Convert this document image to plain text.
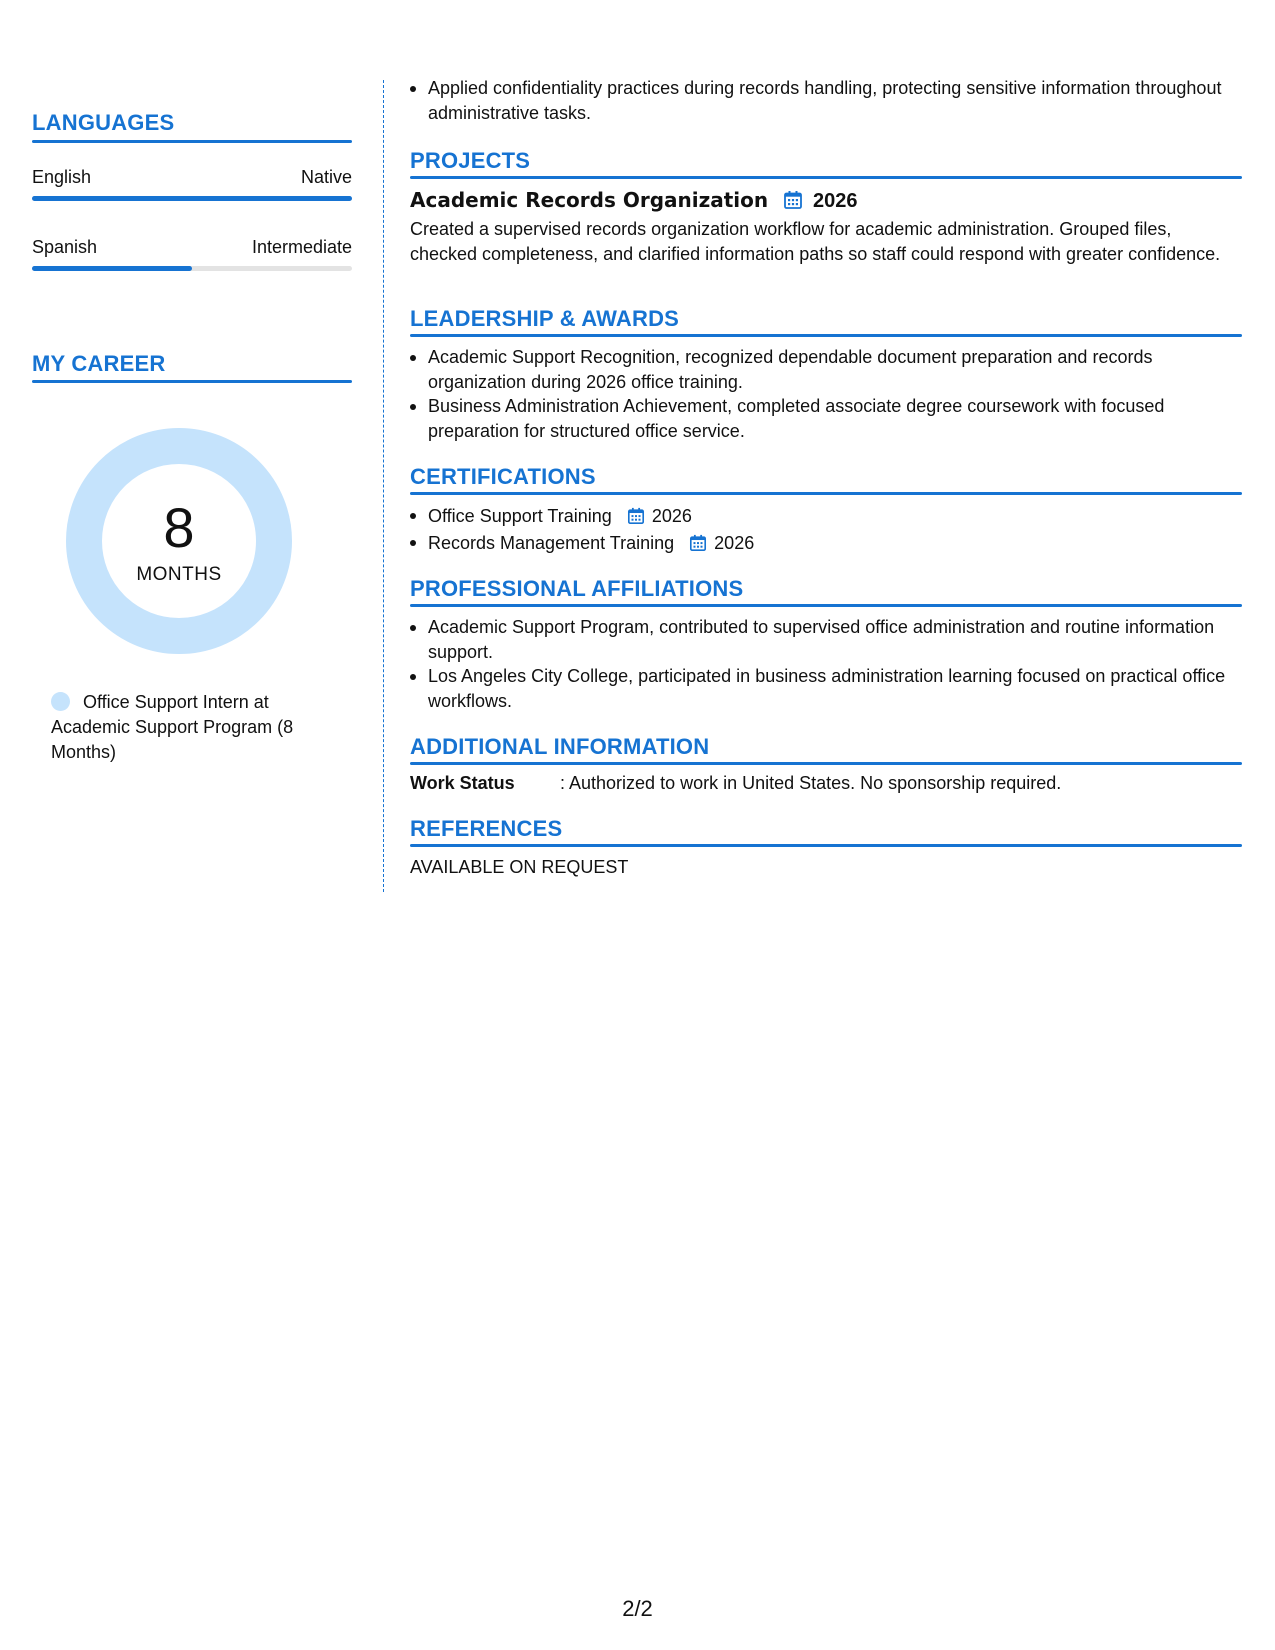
LANGUAGES
English	Native
Spanish	Intermediate
MY CAREER
8
MONTHS
Office Support Intern at Academic Support Program (8 Months)
Applied confidentiality practices during records handling, protecting sensitive information throughout administrative tasks.
PROJECTS
Academic Records Organization 2026
Created a supervised records organization workflow for academic administration. Grouped files, checked completeness, and clarified information paths so staff could respond with greater confidence.
LEADERSHIP & AWARDS
Academic Support Recognition, recognized dependable document preparation and records organization during 2026 office training.
Business Administration Achievement, completed associate degree coursework with focused preparation for structured office service.
CERTIFICATIONS
Office Support Training 2026
Records Management Training 2026
PROFESSIONAL AFFILIATIONS
Academic Support Program, contributed to supervised office administration and routine information support.
Los Angeles City College, participated in business administration learning focused on practical office workflows.
ADDITIONAL INFORMATION
Work Status	: Authorized to work in United States. No sponsorship required.
REFERENCES
AVAILABLE ON REQUEST
2/2
